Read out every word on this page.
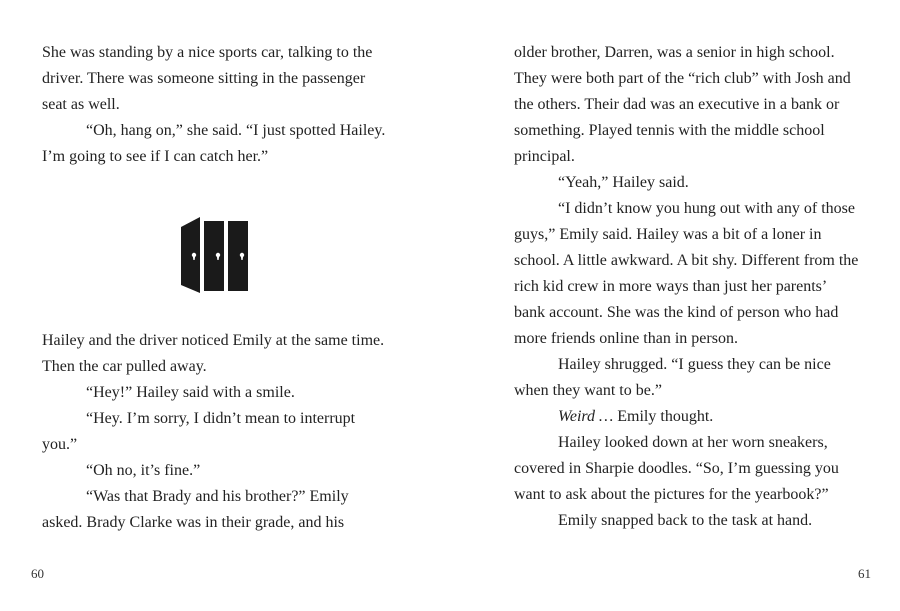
She was standing by a nice sports car, talking to the driver. There was someone sitting in the passenger seat as well.

“Oh, hang on,” she said. “I just spotted Hailey. I’m going to see if I can catch her.”

Hailey and the driver noticed Emily at the same time. Then the car pulled away.

“Hey!” Hailey said with a smile.

“Hey. I’m sorry, I didn’t mean to interrupt you.”

“Oh no, it’s fine.”

“Was that Brady and his brother?” Emily asked. Brady Clarke was in their grade, and his

60

older brother, Darren, was a senior in high school. They were both part of the “rich club” with Josh and the others. Their dad was an executive in a bank or something. Played tennis with the middle school principal.

“Yeah,” Hailey said.

“I didn’t know you hung out with any of those guys,” Emily said. Hailey was a bit of a loner in school. A little awkward. A bit shy. Different from the rich kid crew in more ways than just her parents’ bank account. She was the kind of person who had more friends online than in person.

Hailey shrugged. “I guess they can be nice when they want to be.”

Weird … Emily thought.

Hailey looked down at her worn sneakers, covered in Sharpie doodles. “So, I’m guessing you want to ask about the pictures for the yearbook?”

Emily snapped back to the task at hand.

61
